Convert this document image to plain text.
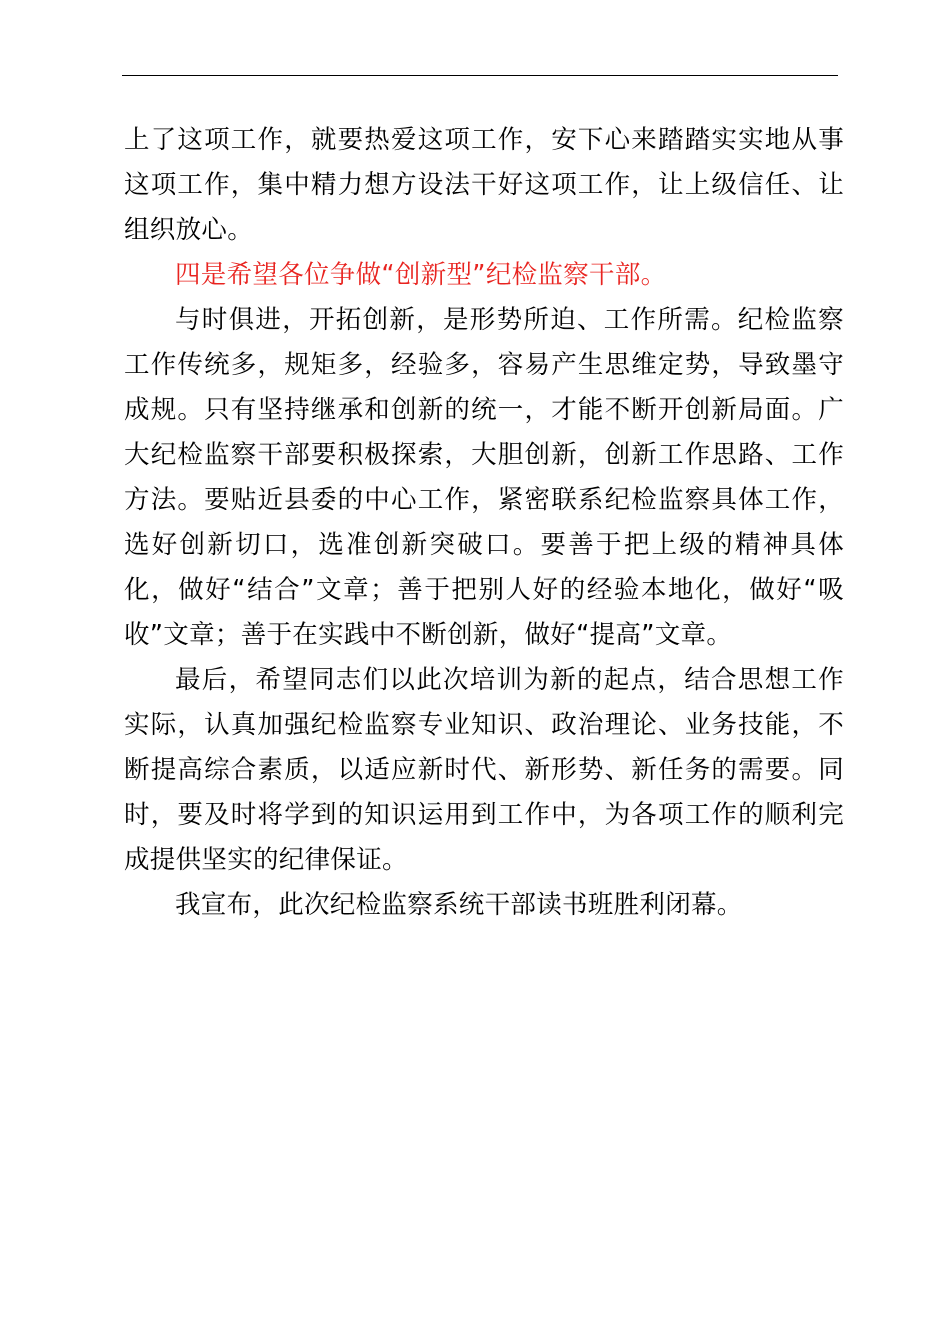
上了这项工作，就要热爱这项工作，安下心来踏踏实实地从事这项工作，集中精力想方设法干好这项工作，让上级信任、让组织放心。

四是希望各位争做“创新型”纪检监察干部。

与时俱进，开拓创新，是形势所迫、工作所需。纪检监察工作传统多，规矩多，经验多，容易产生思维定势，导致墨守成规。只有坚持继承和创新的统一，才能不断开创新局面。广大纪检监察干部要积极探索，大胆创新，创新工作思路、工作方法。要贴近县委的中心工作，紧密联系纪检监察具体工作，选好创新切口，选准创新突破口。要善于把上级的精神具体化，做好“结合”文章；善于把别人好的经验本地化，做好“吸收”文章；善于在实践中不断创新，做好“提高”文章。

最后，希望同志们以此次培训为新的起点，结合思想工作实际，认真加强纪检监察专业知识、政治理论、业务技能，不断提高综合素质，以适应新时代、新形势、新任务的需要。同时，要及时将学到的知识运用到工作中，为各项工作的顺利完成提供坚实的纪律保证。

我宣布，此次纪检监察系统干部读书班胜利闭幕。
